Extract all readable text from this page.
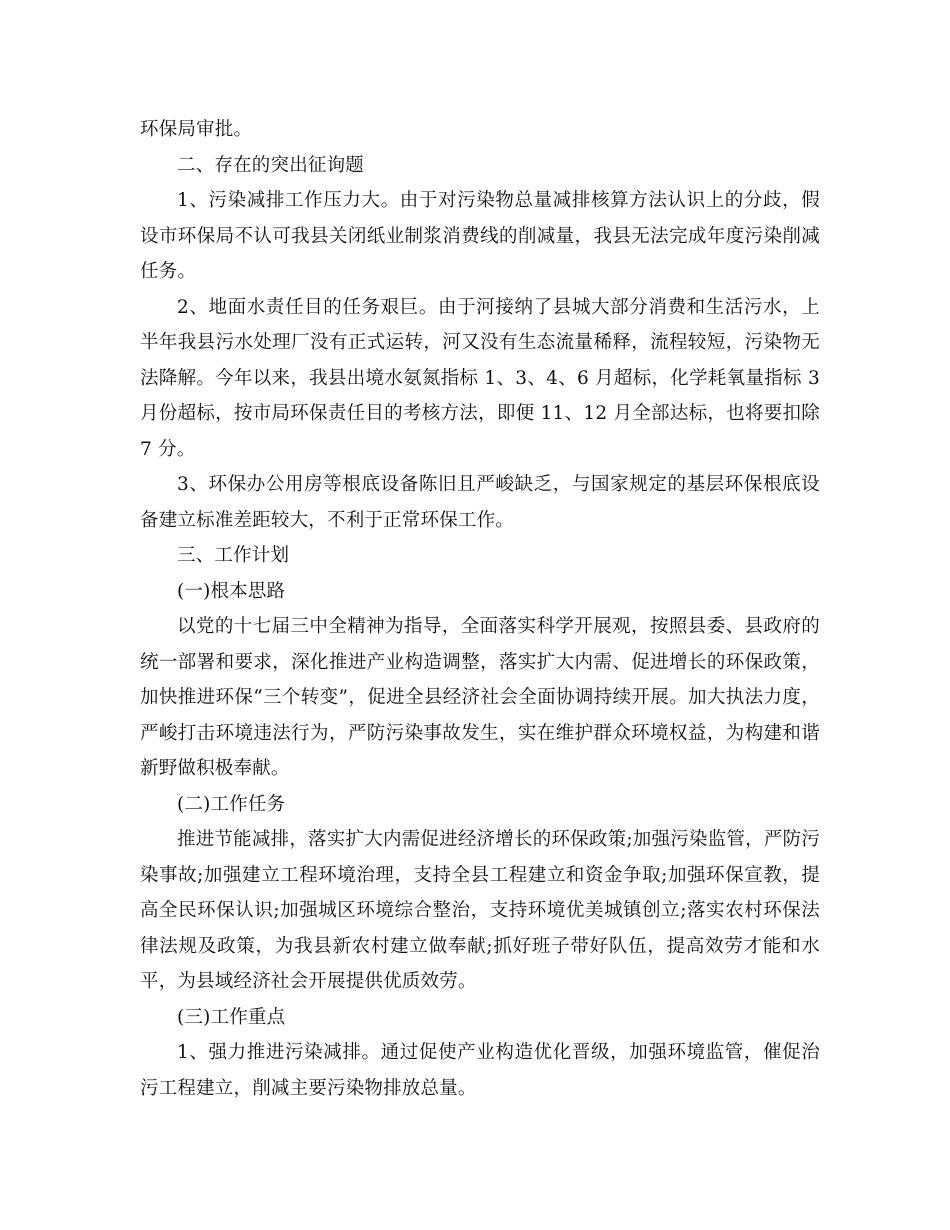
环保局审批。

二、存在的突出征询题

1、污染减排工作压力大。由于对污染物总量减排核算方法认识上的分歧，假设市环保局不认可我县关闭纸业制浆消费线的削减量，我县无法完成年度污染削减任务。

2、地面水责任目的任务艰巨。由于河接纳了县城大部分消费和生活污水，上半年我县污水处理厂没有正式运转，河又没有生态流量稀释，流程较短，污染物无法降解。今年以来，我县出境水氨氮指标 1、3、4、6 月超标，化学耗氧量指标 3 月份超标，按市局环保责任目的考核方法，即便 11、12 月全部达标，也将要扣除 7 分。

3、环保办公用房等根底设备陈旧且严峻缺乏，与国家规定的基层环保根底设备建立标准差距较大，不利于正常环保工作。

三、工作计划

(一)根本思路

以党的十七届三中全精神为指导，全面落实科学开展观，按照县委、县政府的统一部署和要求，深化推进产业构造调整，落实扩大内需、促进增长的环保政策，加快推进环保“三个转变”，促进全县经济社会全面协调持续开展。加大执法力度，严峻打击环境违法行为，严防污染事故发生，实在维护群众环境权益，为构建和谐新野做积极奉献。

(二)工作任务

推进节能减排，落实扩大内需促进经济增长的环保政策;加强污染监管，严防污染事故;加强建立工程环境治理，支持全县工程建立和资金争取;加强环保宣教，提高全民环保认识;加强城区环境综合整治，支持环境优美城镇创立;落实农村环保法律法规及政策，为我县新农村建立做奉献;抓好班子带好队伍，提高效劳才能和水平，为县域经济社会开展提供优质效劳。

(三)工作重点

1、强力推进污染减排。通过促使产业构造优化晋级，加强环境监管，催促治污工程建立，削减主要污染物排放总量。
